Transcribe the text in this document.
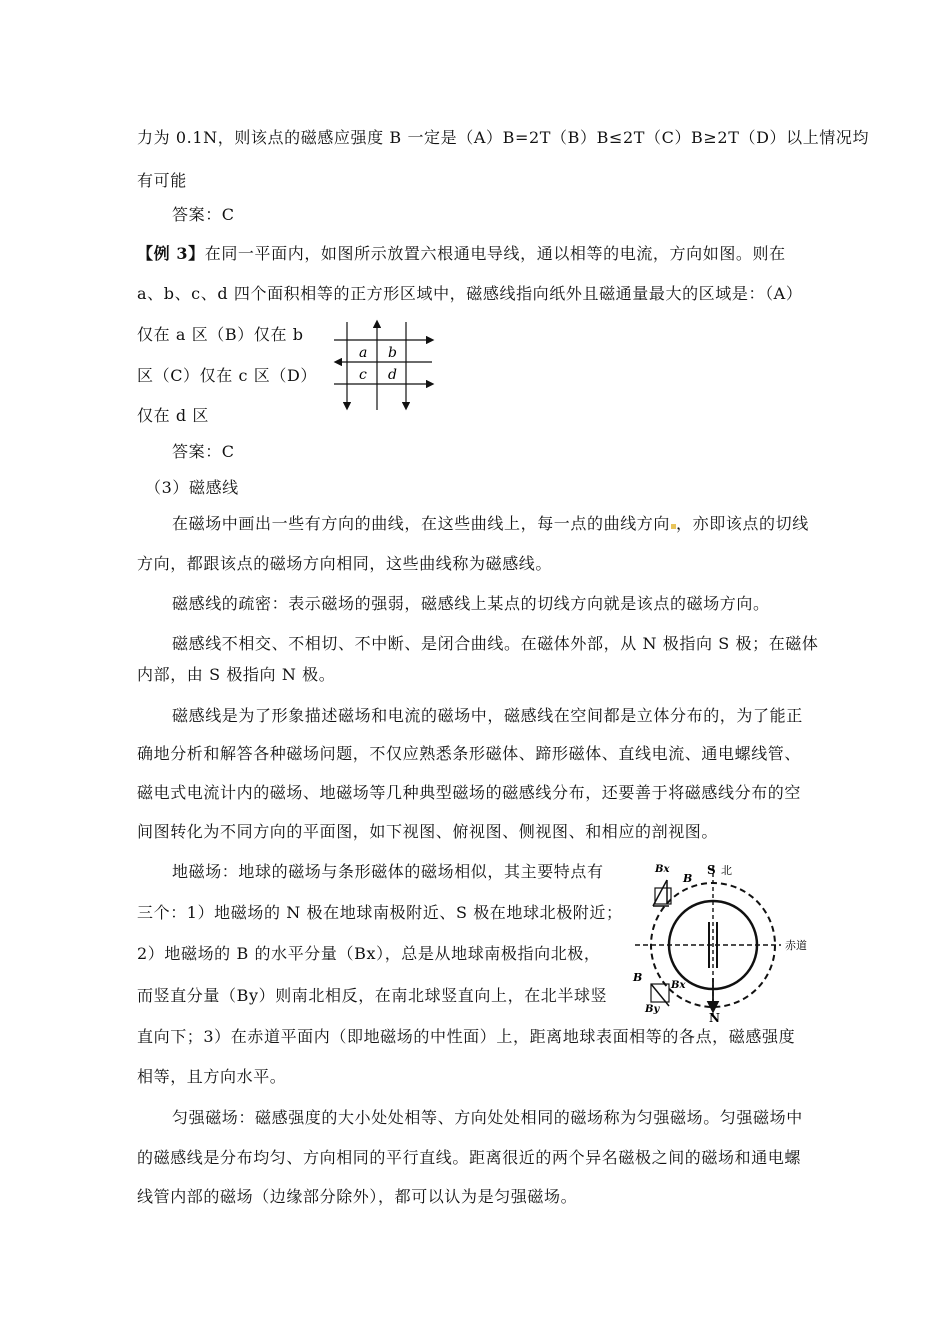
力为 0.1N，则该点的磁感应强度 B 一定是（A）B=2T（B）B≤2T（C）B≥2T（D）以上情况均
有可能
答案：C
【例 3】在同一平面内，如图所示放置六根通电导线，通以相等的电流，方向如图。则在
a、b、c、d 四个面积相等的正方形区域中，磁感线指向纸外且磁通量最大的区域是：（A）
仅在 a 区（B）仅在 b
区（C）仅在 c 区（D）
仅在 d 区
a b
c d
答案：C
（3）磁感线
在磁场中画出一些有方向的曲线，在这些曲线上，每一点的曲线方向 ，亦即该点的切线
方向，都跟该点的磁场方向相同，这些曲线称为磁感线。
磁感线的疏密：表示磁场的强弱，磁感线上某点的切线方向就是该点的磁场方向。
磁感线不相交、不相切、不中断、是闭合曲线。在磁体外部，从 N 极指向 S 极；在磁体
内部，由 S 极指向 N 极。
磁感线是为了形象描述磁场和电流的磁场中，磁感线在空间都是立体分布的，为了能正
确地分析和解答各种磁场问题，不仅应熟悉条形磁体、蹄形磁体、直线电流、通电螺线管、
磁电式电流计内的磁场、地磁场等几种典型磁场的磁感线分布，还要善于将磁感线分布的空
间图转化为不同方向的平面图，如下视图、俯视图、侧视图、和相应的剖视图。
地磁场：地球的磁场与条形磁体的磁场相似，其主要特点有
三个：1）地磁场的 N 极在地球南极附近、S 极在地球北极附近；
2）地磁场的 B 的水平分量（Bx），总是从地球南极指向北极，
而竖直分量（By）则南北相反，在南北球竖直向上，在北半球竖
直向下；3）在赤道平面内（即地磁场的中性面）上，距离地球表面相等的各点，磁感强度
相等，且方向水平。
S 北
赤道
N
B
Bx
B
Bx
By
匀强磁场：磁感强度的大小处处相等、方向处处相同的磁场称为匀强磁场。匀强磁场中
的磁感线是分布均匀、方向相同的平行直线。距离很近的两个异名磁极之间的磁场和通电螺
线管内部的磁场（边缘部分除外），都可以认为是匀强磁场。
